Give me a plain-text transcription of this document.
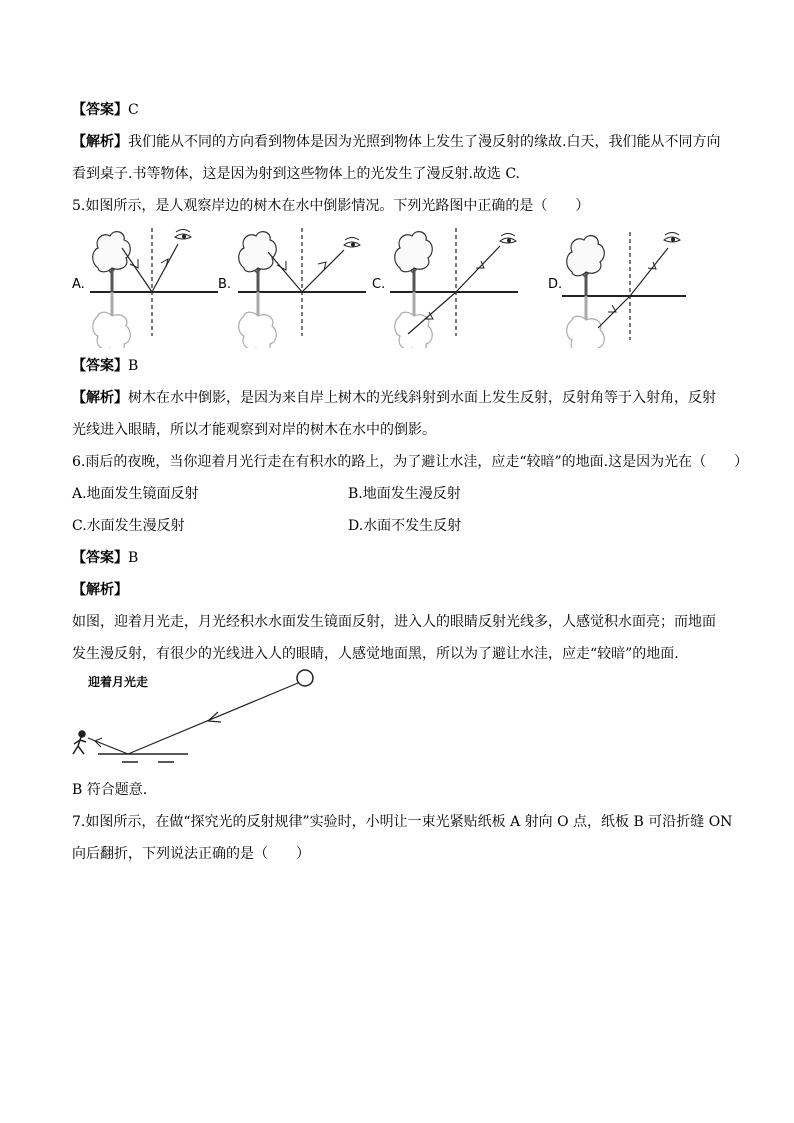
【答案】C
【解析】我们能从不同的方向看到物体是因为光照到物体上发生了漫反射的缘故.白天，我们能从不同方向
看到桌子.书等物体，这是因为射到这些物体上的光发生了漫反射.故选 C.
5.如图所示，是人观察岸边的树木在水中倒影情况。下列光路图中正确的是（　　）
A.	B.	C.	D.
【答案】B
【解析】树木在水中倒影，是因为来自岸上树木的光线斜射到水面上发生反射，反射角等于入射角，反射
光线进入眼睛，所以才能观察到对岸的树木在水中的倒影。
6.雨后的夜晚，当你迎着月光行走在有积水的路上，为了避让水洼，应走“较暗”的地面.这是因为光在（　　）
A.地面发生镜面反射	B.地面发生漫反射
C.水面发生漫反射	D.水面不发生反射
【答案】B
【解析】
如图，迎着月光走，月光经积水水面发生镜面反射，进入人的眼睛反射光线多，人感觉积水面亮；而地面
发生漫反射，有很少的光线进入人的眼睛，人感觉地面黑，所以为了避让水洼，应走“较暗”的地面.
迎着月光走
B 符合题意.
7.如图所示，在做“探究光的反射规律”实验时，小明让一束光紧贴纸板 A 射向 O 点，纸板 B 可沿折缝 ON
向后翻折，下列说法正确的是（　　）
